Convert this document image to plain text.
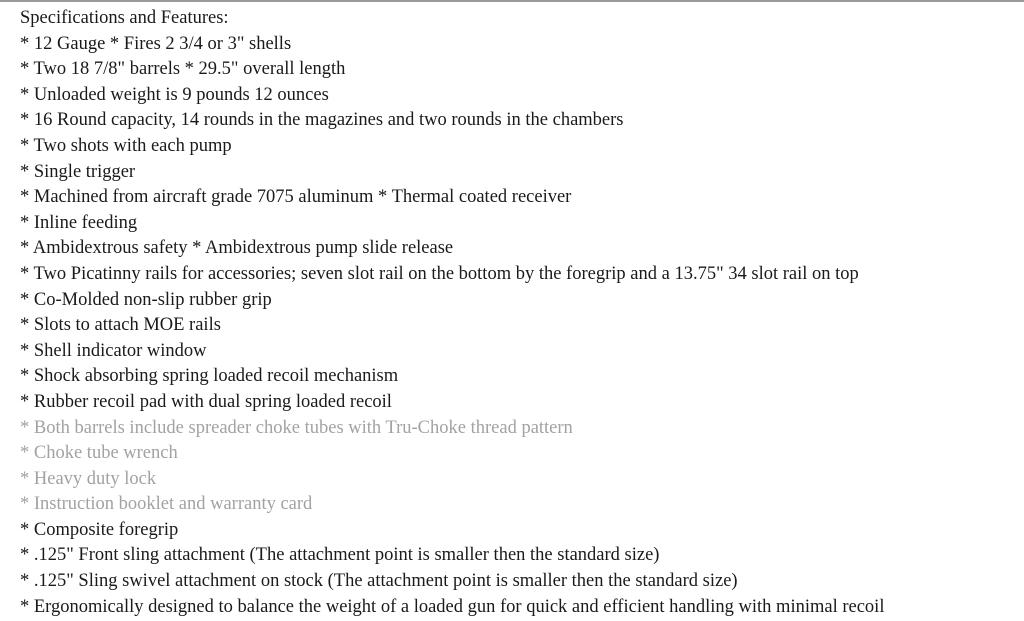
Specifications and Features:
* 12 Gauge * Fires 2 3/4 or 3" shells
* Two 18 7/8" barrels * 29.5" overall length
* Unloaded weight is 9 pounds 12 ounces
* 16 Round capacity, 14 rounds in the magazines and two rounds in the chambers
* Two shots with each pump
* Single trigger
* Machined from aircraft grade 7075 aluminum * Thermal coated receiver
* Inline feeding
* Ambidextrous safety * Ambidextrous pump slide release
* Two Picatinny rails for accessories; seven slot rail on the bottom by the foregrip and a 13.75" 34 slot rail on top
* Co-Molded non-slip rubber grip
* Slots to attach MOE rails
* Shell indicator window
* Shock absorbing spring loaded recoil mechanism
* Rubber recoil pad with dual spring loaded recoil
* Both barrels include spreader choke tubes with Tru-Choke thread pattern
* Choke tube wrench
* Heavy duty lock
* Instruction booklet and warranty card
* Composite foregrip
* .125" Front sling attachment (The attachment point is smaller then the standard size)
* .125" Sling swivel attachment on stock (The attachment point is smaller then the standard size)
* Ergonomically designed to balance the weight of a loaded gun for quick and efficient handling with minimal recoil
